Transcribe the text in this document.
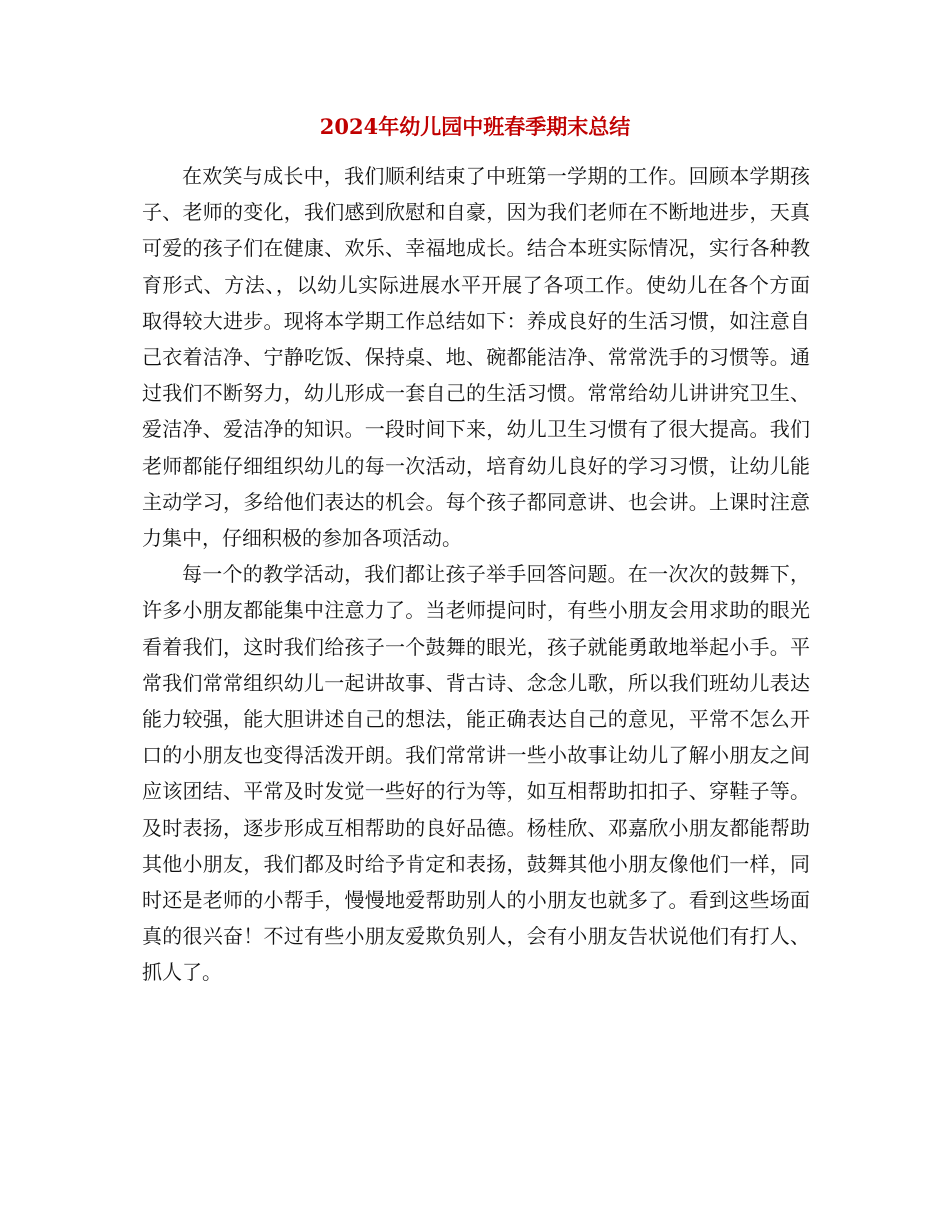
2024年幼儿园中班春季期末总结

在欢笑与成长中，我们顺利结束了中班第一学期的工作。回顾本学期孩子、老师的变化，我们感到欣慰和自豪，因为我们老师在不断地进步，天真可爱的孩子们在健康、欢乐、幸福地成长。结合本班实际情况，实行各种教育形式、方法、，以幼儿实际进展水平开展了各项工作。使幼儿在各个方面取得较大进步。现将本学期工作总结如下：养成良好的生活习惯，如注意自己衣着洁净、宁静吃饭、保持桌、地、碗都能洁净、常常洗手的习惯等。通过我们不断努力，幼儿形成一套自己的生活习惯。常常给幼儿讲讲究卫生、爱洁净、爱洁净的知识。一段时间下来，幼儿卫生习惯有了很大提高。我们老师都能仔细组织幼儿的每一次活动，培育幼儿良好的学习习惯，让幼儿能主动学习，多给他们表达的机会。每个孩子都同意讲、也会讲。上课时注意力集中，仔细积极的参加各项活动。

每一个的教学活动，我们都让孩子举手回答问题。在一次次的鼓舞下，许多小朋友都能集中注意力了。当老师提问时，有些小朋友会用求助的眼光看着我们，这时我们给孩子一个鼓舞的眼光，孩子就能勇敢地举起小手。平常我们常常组织幼儿一起讲故事、背古诗、念念儿歌，所以我们班幼儿表达能力较强，能大胆讲述自己的想法，能正确表达自己的意见，平常不怎么开口的小朋友也变得活泼开朗。我们常常讲一些小故事让幼儿了解小朋友之间应该团结、平常及时发觉一些好的行为等，如互相帮助扣扣子、穿鞋子等。及时表扬，逐步形成互相帮助的良好品德。杨桂欣、邓嘉欣小朋友都能帮助其他小朋友，我们都及时给予肯定和表扬，鼓舞其他小朋友像他们一样，同时还是老师的小帮手，慢慢地爱帮助别人的小朋友也就多了。看到这些场面真的很兴奋！不过有些小朋友爱欺负别人，会有小朋友告状说他们有打人、抓人了。
